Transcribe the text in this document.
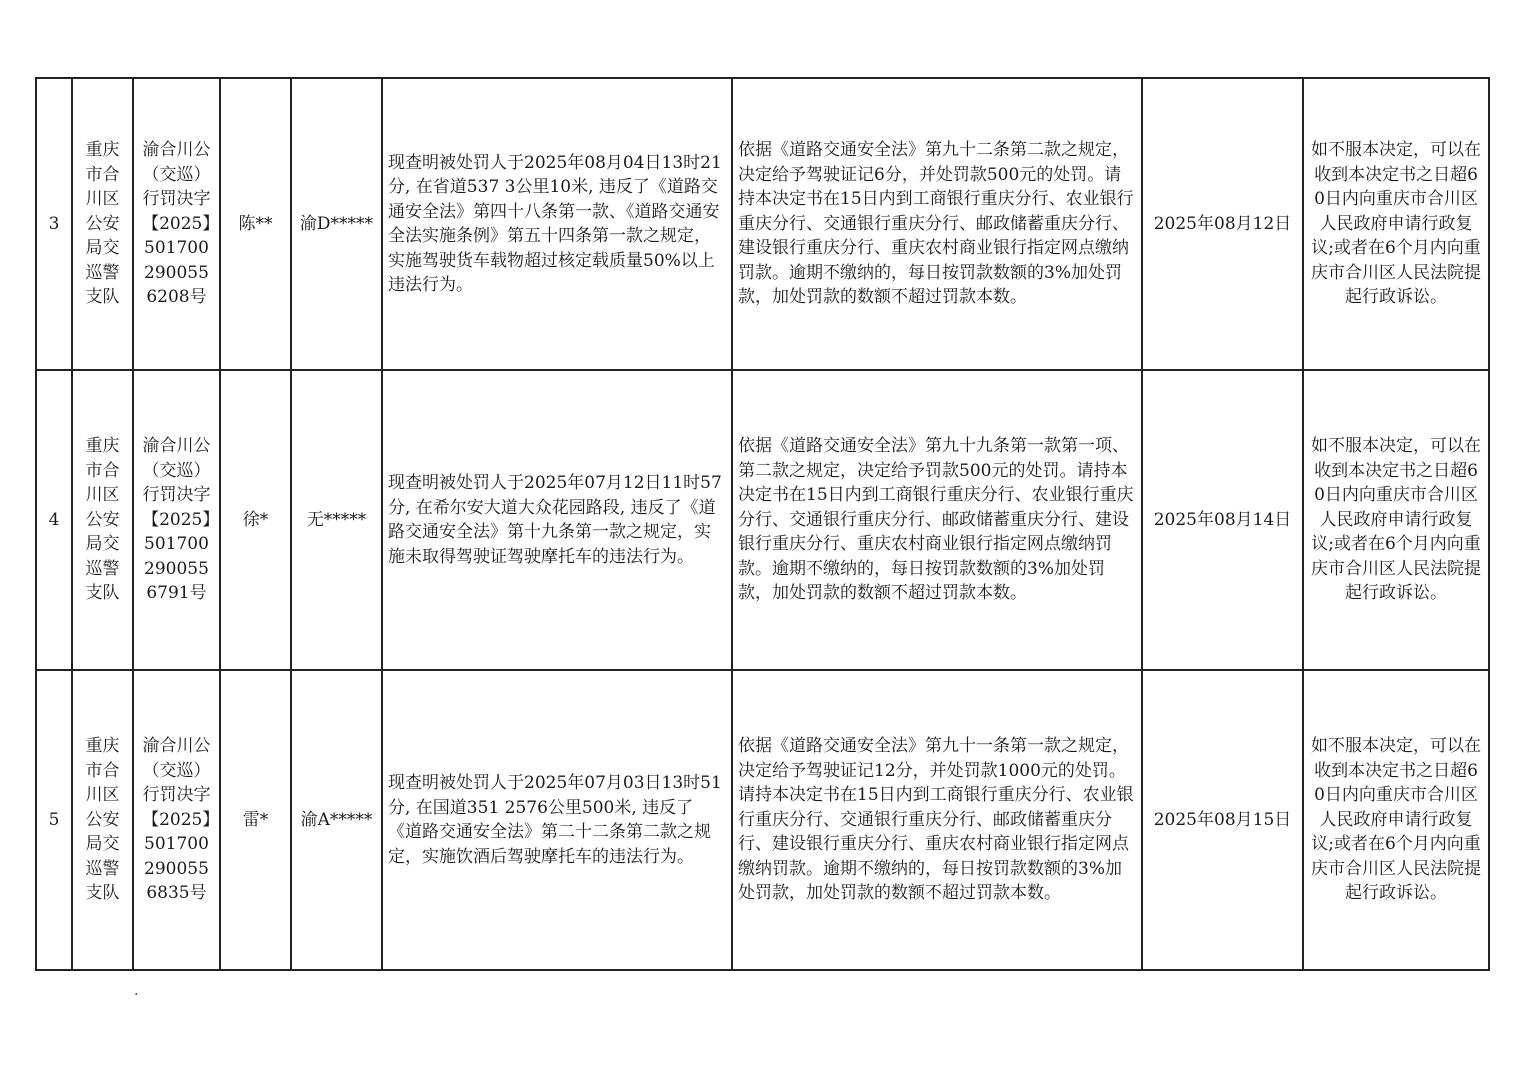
3	重庆市合川区公安局交巡警支队	渝合川公（交巡）行罚决字【2025】5017002900556208号	陈**	渝D*****	现查明被处罚人于2025年08月04日13时21分, 在省道537 3公里10米, 违反了《道路交通安全法》第四十八条第一款、《道路交通安全法实施条例》第五十四条第一款之规定，实施驾驶货车载物超过核定载质量50%以上违法行为。	依据《道路交通安全法》第九十二条第二款之规定，决定给予驾驶证记6分，并处罚款500元的处罚。请持本决定书在15日内到工商银行重庆分行、农业银行重庆分行、交通银行重庆分行、邮政储蓄重庆分行、建设银行重庆分行、重庆农村商业银行指定网点缴纳罚款。逾期不缴纳的，每日按罚款数额的3%加处罚款，加处罚款的数额不超过罚款本数。	2025年08月12日	如不服本决定，可以在收到本决定书之日超60日内向重庆市合川区人民政府申请行政复议;或者在6个月内向重庆市合川区人民法院提起行政诉讼。
4	重庆市合川区公安局交巡警支队	渝合川公（交巡）行罚决字【2025】5017002900556791号	徐*	无*****	现查明被处罚人于2025年07月12日11时57分, 在希尔安大道大众花园路段, 违反了《道路交通安全法》第十九条第一款之规定，实施未取得驾驶证驾驶摩托车的违法行为。	依据《道路交通安全法》第九十九条第一款第一项、第二款之规定，决定给予罚款500元的处罚。请持本决定书在15日内到工商银行重庆分行、农业银行重庆分行、交通银行重庆分行、邮政储蓄重庆分行、建设银行重庆分行、重庆农村商业银行指定网点缴纳罚款。逾期不缴纳的，每日按罚款数额的3%加处罚款，加处罚款的数额不超过罚款本数。	2025年08月14日	如不服本决定，可以在收到本决定书之日超60日内向重庆市合川区人民政府申请行政复议;或者在6个月内向重庆市合川区人民法院提起行政诉讼。
5	重庆市合川区公安局交巡警支队	渝合川公（交巡）行罚决字【2025】5017002900556835号	雷*	渝A*****	现查明被处罚人于2025年07月03日13时51分, 在国道351 2576公里500米, 违反了《道路交通安全法》第二十二条第二款之规定，实施饮酒后驾驶摩托车的违法行为。	依据《道路交通安全法》第九十一条第一款之规定，决定给予驾驶证记12分，并处罚款1000元的处罚。请持本决定书在15日内到工商银行重庆分行、农业银行重庆分行、交通银行重庆分行、邮政储蓄重庆分行、建设银行重庆分行、重庆农村商业银行指定网点缴纳罚款。逾期不缴纳的，每日按罚款数额的3%加处罚款，加处罚款的数额不超过罚款本数。	2025年08月15日	如不服本决定，可以在收到本决定书之日超60日内向重庆市合川区人民政府申请行政复议;或者在6个月内向重庆市合川区人民法院提起行政诉讼。
.
